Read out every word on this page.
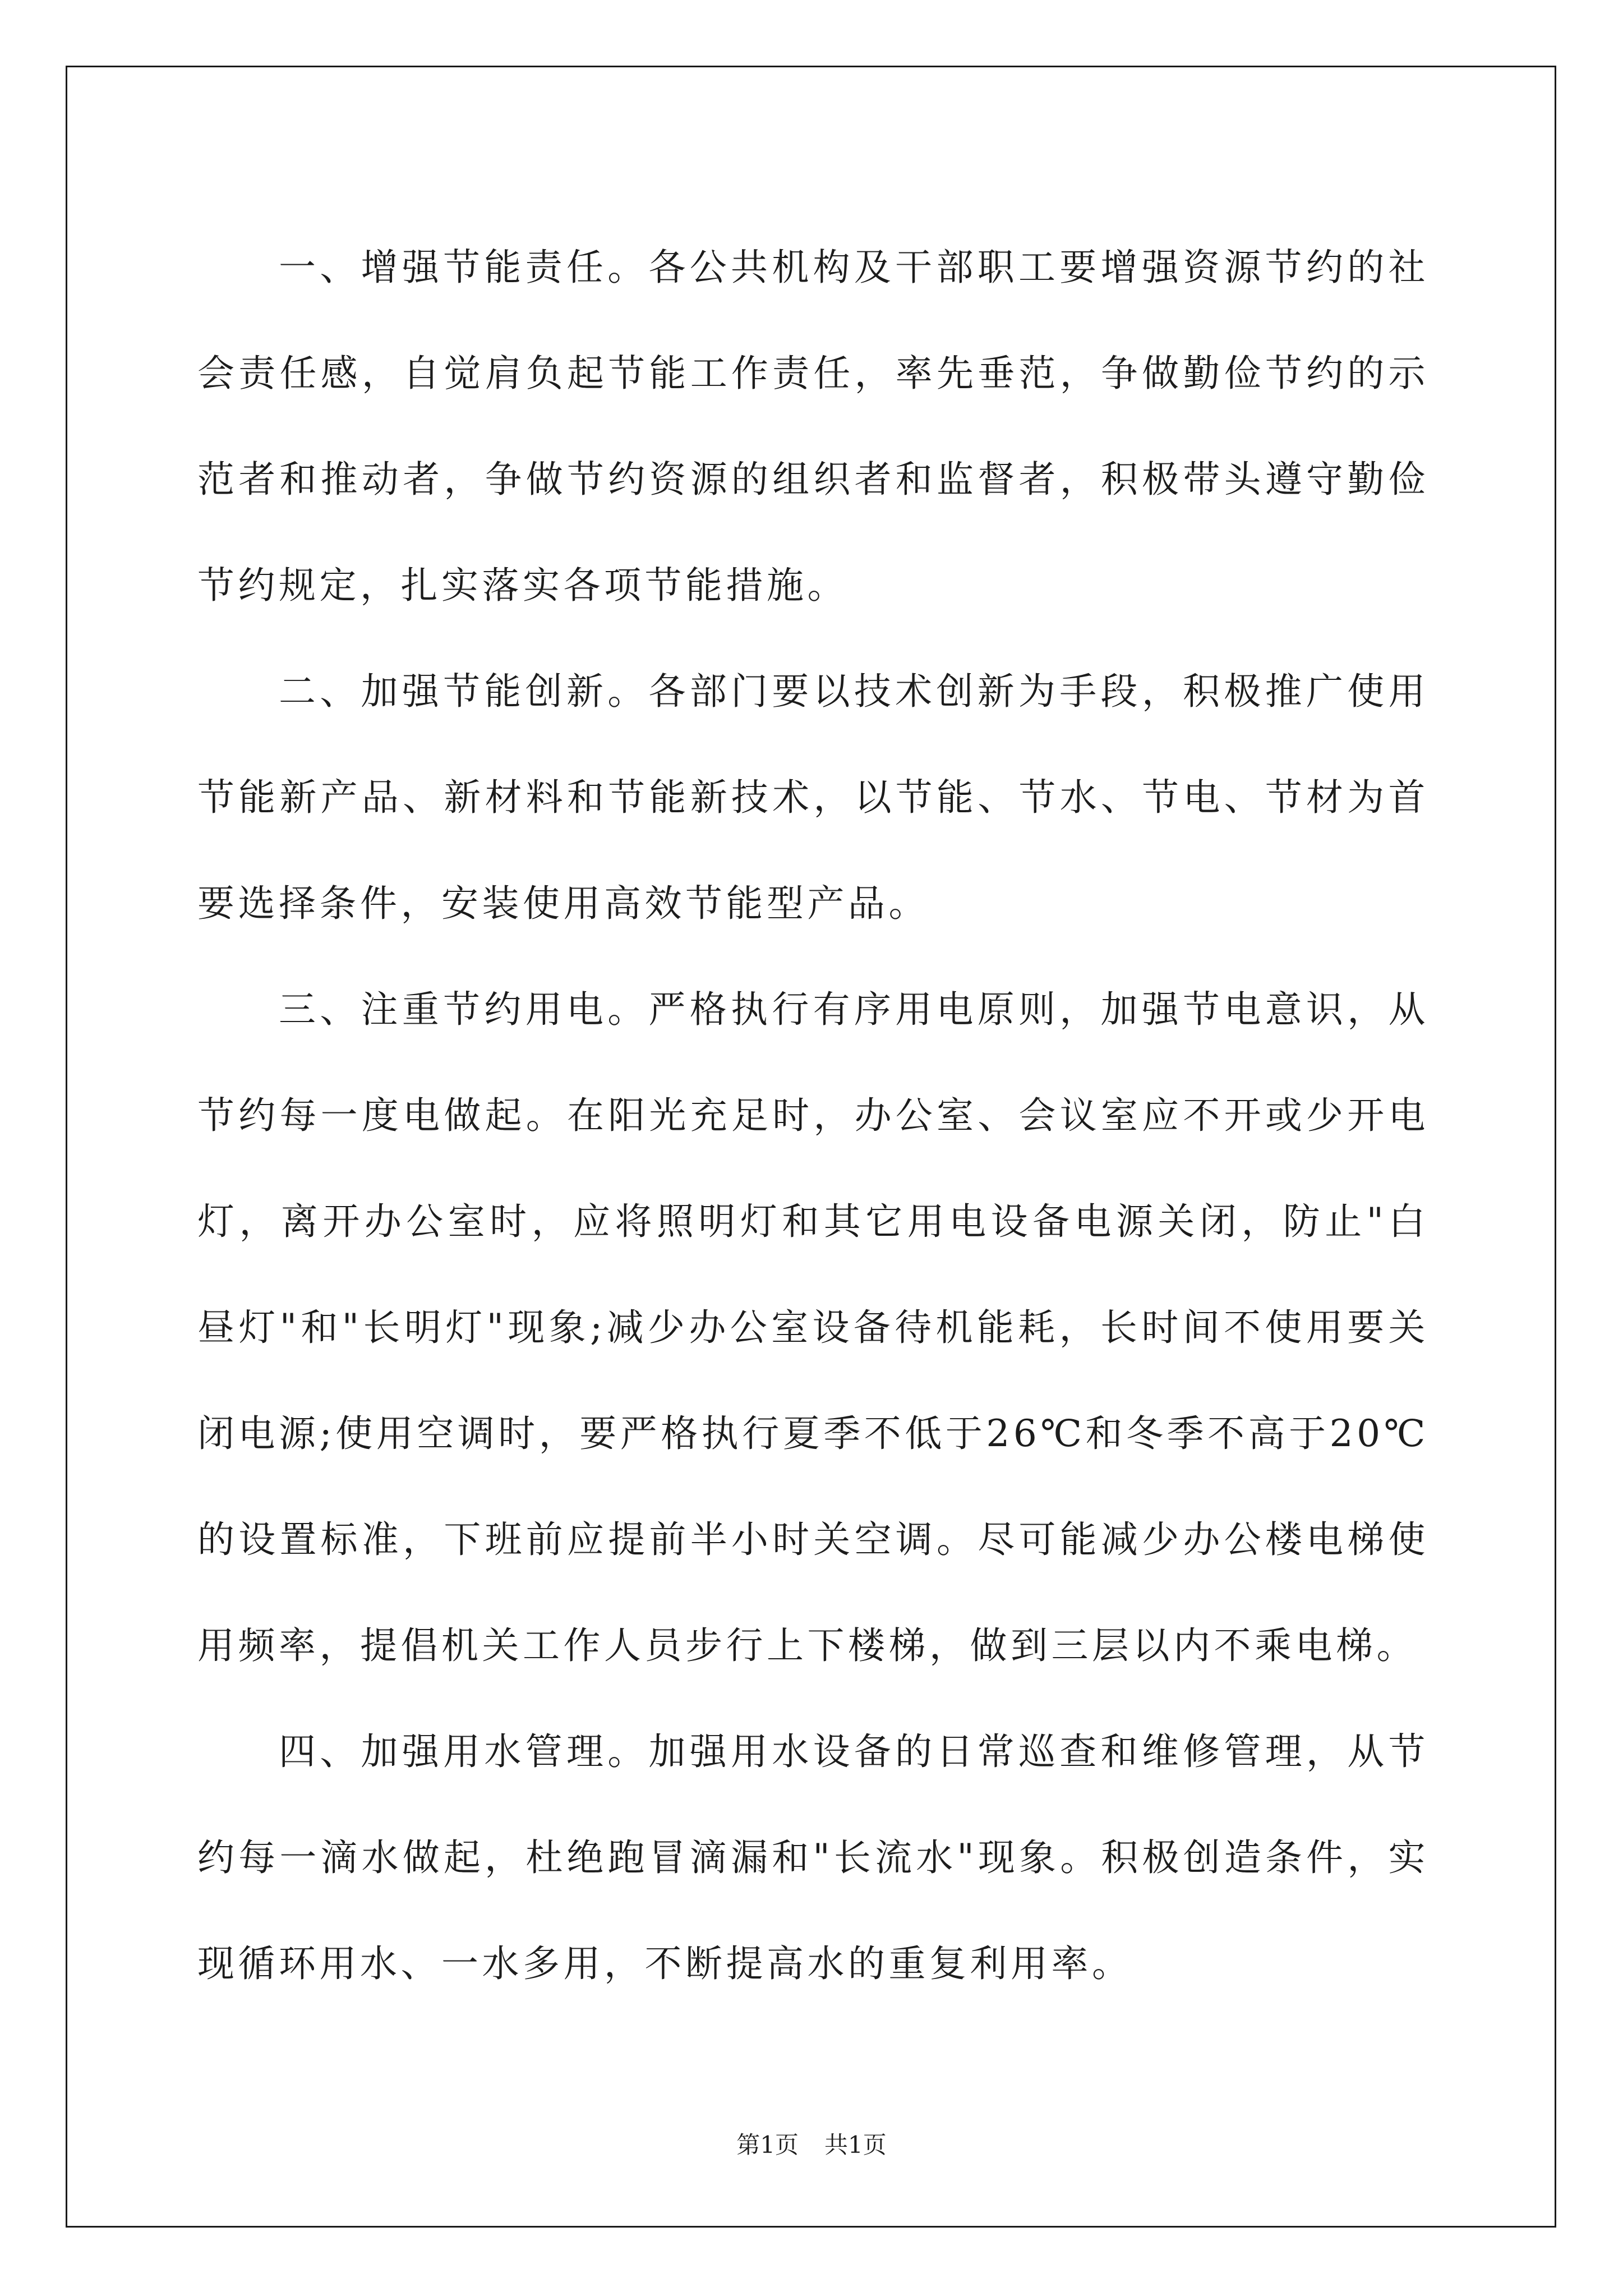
一、增强节能责任。各公共机构及干部职工要增强资源节约的社会责任感，自觉肩负起节能工作责任，率先垂范，争做勤俭节约的示范者和推动者，争做节约资源的组织者和监督者，积极带头遵守勤俭节约规定，扎实落实各项节能措施。

二、加强节能创新。各部门要以技术创新为手段，积极推广使用节能新产品、新材料和节能新技术，以节能、节水、节电、节材为首要选择条件，安装使用高效节能型产品。

三、注重节约用电。严格执行有序用电原则，加强节电意识，从节约每一度电做起。在阳光充足时，办公室、会议室应不开或少开电灯，离开办公室时，应将照明灯和其它用电设备电源关闭，防止"白昼灯"和"长明灯"现象;减少办公室设备待机能耗，长时间不使用要关闭电源;使用空调时，要严格执行夏季不低于26℃和冬季不高于20℃的设置标准，下班前应提前半小时关空调。尽可能减少办公楼电梯使用频率，提倡机关工作人员步行上下楼梯，做到三层以内不乘电梯。

四、加强用水管理。加强用水设备的日常巡查和维修管理，从节约每一滴水做起，杜绝跑冒滴漏和"长流水"现象。积极创造条件，实现循环用水、一水多用，不断提高水的重复利用率。

第1页 共1页
